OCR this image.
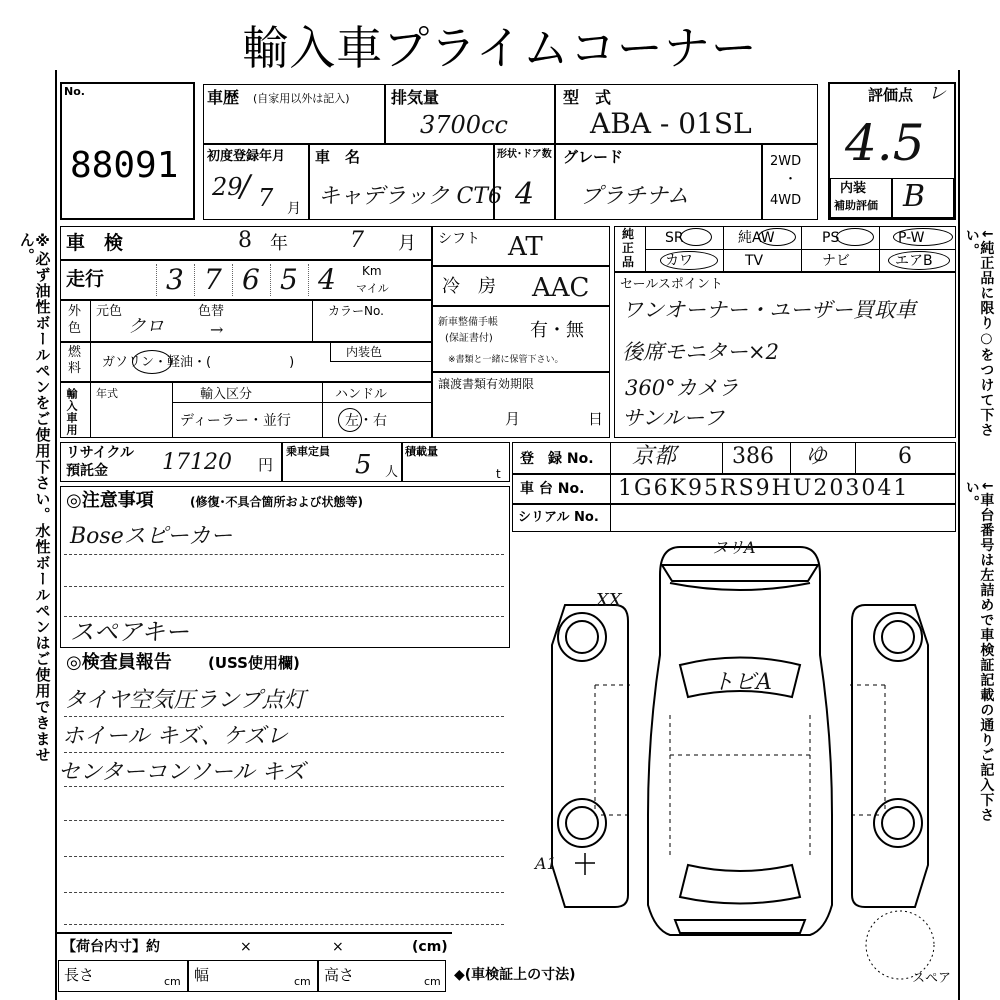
輸入車プライムコーナー
※必ず油性ボールペンをご使用下さい。水性ボールペンはご使用できません。	↓純正品に限り○をつけて下さい。
↓車台番号は左詰めで車検証記載の通りご記入下さい。
No.
88091
車歴 (自家用以外は記入)	排気量
3700cc
型　式
ABA - 01SL
評価点 レ
4.5
内装
補助評価 B
初度登録年月
29
/ 7 月
車　名
キャデラック CT6
形状･ドア数
4
グレード
プラチナム
2WD
・
4WD
車　検	8 年	7 月
走行 3 7 6 5 4 Km
マイル
シフト AT
冷　房 AAC
外
色
元色
クロ
色替
→
カラーNo.
新車整備手帳
(保証書付) 有・無
※書類と一緒に保管下さい。
燃
料 ガソリン・軽油・(　　　　　　)
内装色
譲渡書類有効期限
月	日
輸入車用 年式	輸入区分
ディーラー・並行
ハンドル
左・右
純
正
品
SR	純AW	PS	P-W
カワ	TV	ナビ	エアB
セールスポイント
ワンオーナー・ユーザー買取車
後席モニター×2
360°カメラ
サンルーフ
リサイクル
預託金 17120 円
乗車定員 5 人
積載量
t
登　録 No. 京都	386 ゆ	6
車 台 No. 1G6K95RS9HU203041
シリアル No.
◎注意事項	(修復･不具合箇所および状態等)
Boseスピーカー
スペアキー
◎検査員報告 (USS使用欄)
タイヤ空気圧ランプ点灯
ホイール キズ、ケズレ
センターコンソール キズ
【荷台内寸】約	×	×	(cm)
長さ	cm 幅	cm 高さ	cm ◆(車検証上の寸法)
ヌリA
XX
トビA
A1
スペア
